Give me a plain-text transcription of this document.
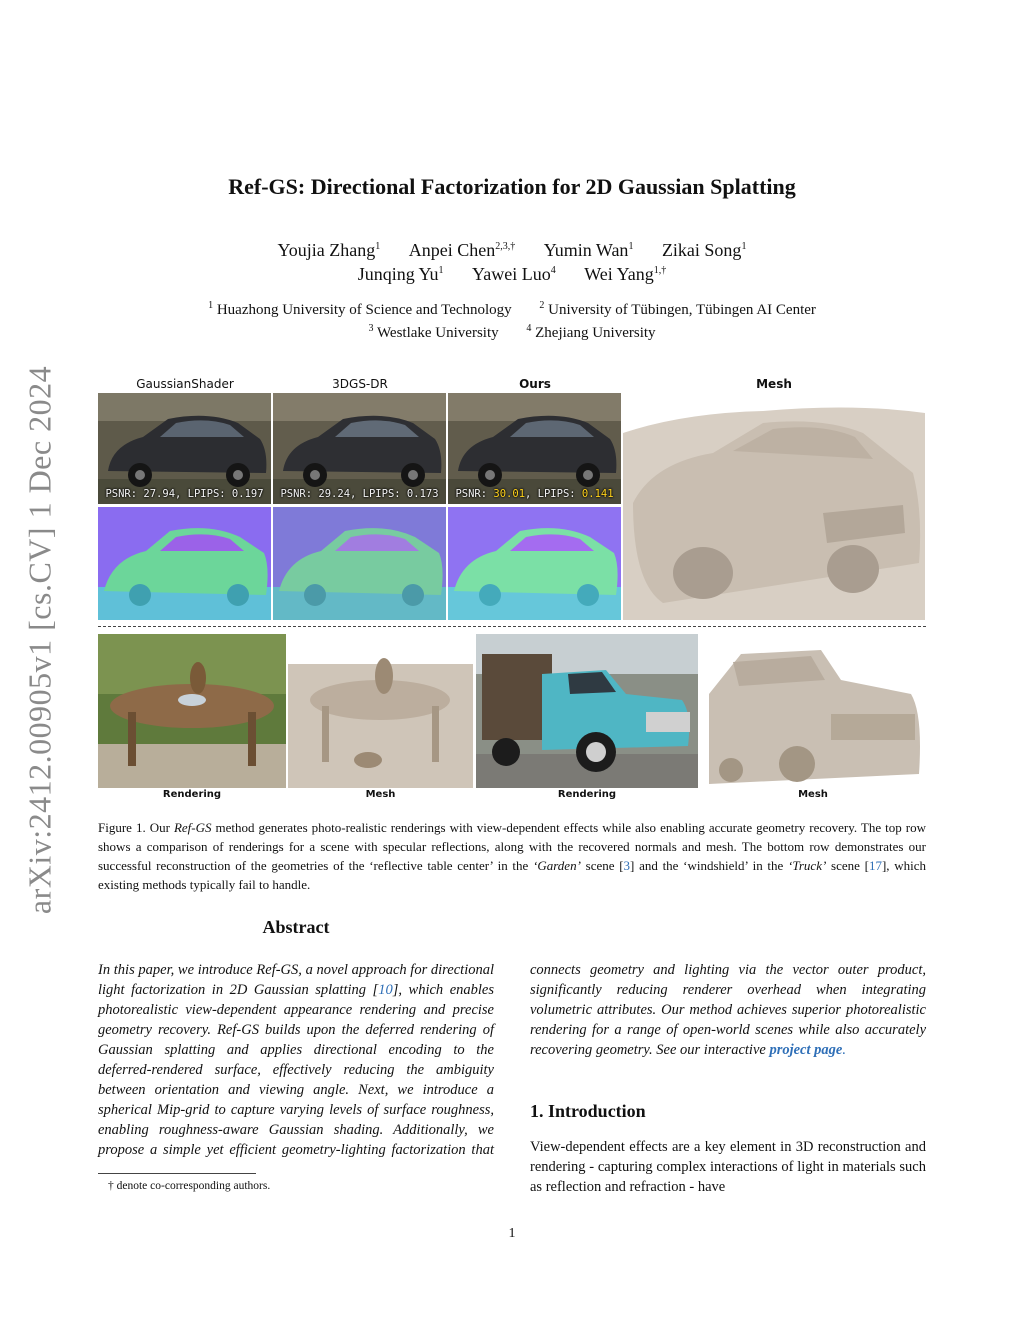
arXiv:2412.00905v1 [cs.CV] 1 Dec 2024
Ref-GS: Directional Factorization for 2D Gaussian Splatting
Youjia Zhang$^1$ Anpei Chen$^{2,3,\dagger}$ Yumin Wan$^1$ Zikai Song$^1$
Junqing Yu$^1$ Yawei Luo$^4$ Wei Yang$^{1,\dagger}$
$^1$ Huazhong University of Science and Technology	$^2$ University of Tübingen, Tübingen AI Center
$^3$ Westlake University	$^4$ Zhejiang University
GaussianShader	3DGS-DR	Ours	Mesh
PSNR: 27.94, LPIPS: 0.197	PSNR: 29.24, LPIPS: 0.173	PSNR: 30.01, LPIPS: 0.141
Rendering	Mesh	Rendering	Mesh
Figure 1. Our Ref-GS method generates photo-realistic renderings with view-dependent effects while also enabling accurate geometry recovery. The top row shows a comparison of renderings for a scene with specular reflections, along with the recovered normals and mesh. The bottom row demonstrates our successful reconstruction of the geometries of the ‘reflective table center’ in the ‘Garden’ scene [3] and the ‘windshield’ in the ‘Truck’ scene [17], which existing methods typically fail to handle.
Abstract
In this paper, we introduce Ref-GS, a novel approach for directional light factorization in 2D Gaussian splatting [10], which enables photorealistic view-dependent appearance rendering and precise geometry recovery. Ref-GS builds upon the deferred rendering of Gaussian splatting and applies directional encoding to the deferred-rendered surface, effectively reducing the ambiguity between orientation and viewing angle. Next, we introduce a spherical Mip-grid to capture varying levels of surface roughness, enabling roughness-aware Gaussian shading. Additionally, we propose a simple yet efficient geometry-lighting factorization that connects geometry and lighting via the vector outer product, significantly reducing renderer overhead when integrating volumetric attributes. Our method achieves superior photorealistic rendering for a range of open-world scenes while also accurately recovering geometry. See our interactive project page.
1. Introduction
View-dependent effects are a key element in 3D reconstruction and rendering - capturing complex interactions of light in materials such as reflection and refraction - have
† denote co-corresponding authors.
1
